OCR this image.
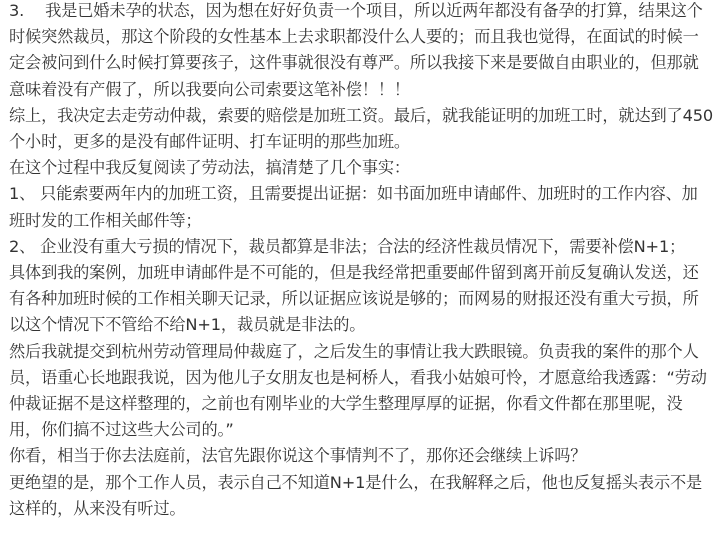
3.　 我是已婚未孕的状态，因为想在好好负责一个项目，所以近两年都没有备孕的打算，结果这个
时候突然裁员，那这个阶段的女性基本上去求职都没什么人要的；而且我也觉得，在面试的时候一
定会被问到什么时候打算要孩子，这件事就很没有尊严。所以我接下来是要做自由职业的，但那就
意味着没有产假了，所以我要向公司索要这笔补偿！！！

综上，我决定去走劳动仲裁，索要的赔偿是加班工资。最后，就我能证明的加班工时，就达到了450
个小时，更多的是没有邮件证明、打车证明的那些加班。

在这个过程中我反复阅读了劳动法，搞清楚了几个事实：

1、 只能索要两年内的加班工资，且需要提出证据：如书面加班申请邮件、加班时的工作内容、加
班时发的工作相关邮件等；

2、 企业没有重大亏损的情况下，裁员都算是非法；合法的经济性裁员情况下，需要补偿N+1；

具体到我的案例，加班申请邮件是不可能的，但是我经常把重要邮件留到离开前反复确认发送，还
有各种加班时候的工作相关聊天记录，所以证据应该说是够的；而网易的财报还没有重大亏损，所
以这个情况下不管给不给N+1，裁员就是非法的。

然后我就提交到杭州劳动管理局仲裁庭了，之后发生的事情让我大跌眼镜。负责我的案件的那个人
员，语重心长地跟我说，因为他儿子女朋友也是柯桥人，看我小姑娘可怜，才愿意给我透露：“劳动
仲裁证据不是这样整理的，之前也有刚毕业的大学生整理厚厚的证据，你看文件都在那里呢，没
用，你们搞不过这些大公司的。”

你看，相当于你去法庭前，法官先跟你说这个事情判不了，那你还会继续上诉吗？

更绝望的是，那个工作人员，表示自己不知道N+1是什么，在我解释之后，他也反复摇头表示不是
这样的，从来没有听过。
